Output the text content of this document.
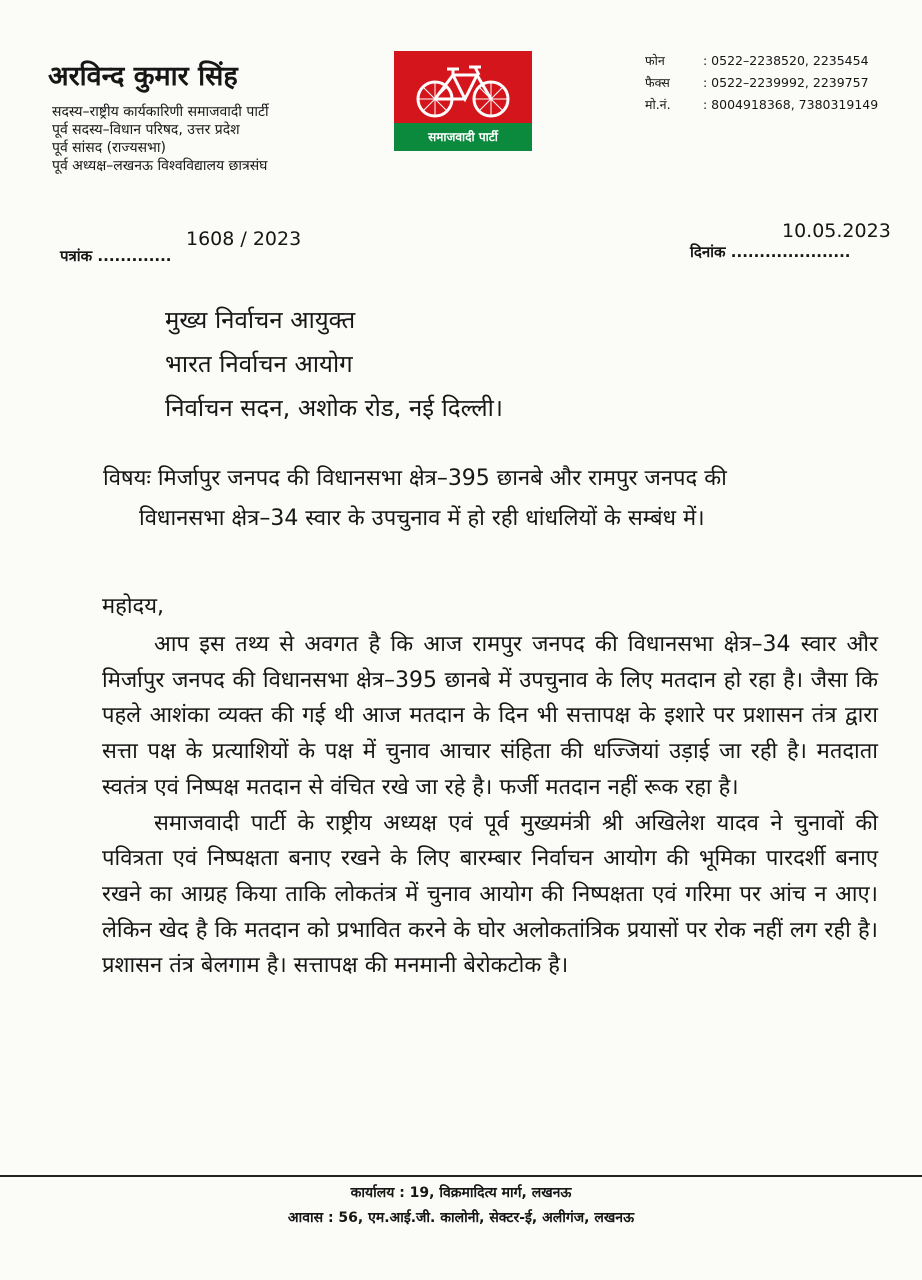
अरविन्द कुमार सिंह
सदस्य–राष्ट्रीय कार्यकारिणी समाजवादी पार्टी
पूर्व सदस्य–विधान परिषद, उत्तर प्रदेश
पूर्व सांसद (राज्यसभा)
पूर्व अध्यक्ष–लखनऊ विश्वविद्यालय छात्रसंघ
समाजवादी पार्टी
फोन	: 0522–2238520, 2235454
फैक्स	: 0522–2239992, 2239757
मो.नं.	: 8004918368, 7380319149
पत्रांक .............
1608 / 2023
दिनांक .....................
10.05.2023
मुख्य निर्वाचन आयुक्त
भारत निर्वाचन आयोग
निर्वाचन सदन, अशोक रोड, नई दिल्ली।
विषयः मिर्जापुर जनपद की विधानसभा क्षेत्र–395 छानबे और रामपुर जनपद की
विधानसभा क्षेत्र–34 स्वार के उपचुनाव में हो रही धांधलियों के सम्बंध में।
महोदय,

आप इस तथ्य से अवगत है कि आज रामपुर जनपद की विधानसभा क्षेत्र–34 स्वार और मिर्जापुर जनपद की विधानसभा क्षेत्र–395 छानबे में उपचुनाव के लिए मतदान हो रहा है। जैसा कि पहले आशंका व्यक्त की गई थी आज मतदान के दिन भी सत्तापक्ष के इशारे पर प्रशासन तंत्र द्वारा सत्ता पक्ष के प्रत्याशियों के पक्ष में चुनाव आचार संहिता की धज्जियां उड़ाई जा रही है। मतदाता स्वतंत्र एवं निष्पक्ष मतदान से वंचित रखे जा रहे है। फर्जी मतदान नहीं रूक रहा है।

समाजवादी पार्टी के राष्ट्रीय अध्यक्ष एवं पूर्व मुख्यमंत्री श्री अखिलेश यादव ने चुनावों की पवित्रता एवं निष्पक्षता बनाए रखने के लिए बारम्बार निर्वाचन आयोग की भूमिका पारदर्शी बनाए रखने का आग्रह किया ताकि लोकतंत्र में चुनाव आयोग की निष्पक्षता एवं गरिमा पर आंच न आए। लेकिन खेद है कि मतदान को प्रभावित करने के घोर अलोकतांत्रिक प्रयासों पर रोक नहीं लग रही है। प्रशासन तंत्र बेलगाम है। सत्तापक्ष की मनमानी बेरोकटोक है।

कार्यालय : 19, विक्रमादित्य मार्ग, लखनऊ
आवास : 56, एम.आई.जी. कालोनी, सेक्टर-ई, अलीगंज, लखनऊ
